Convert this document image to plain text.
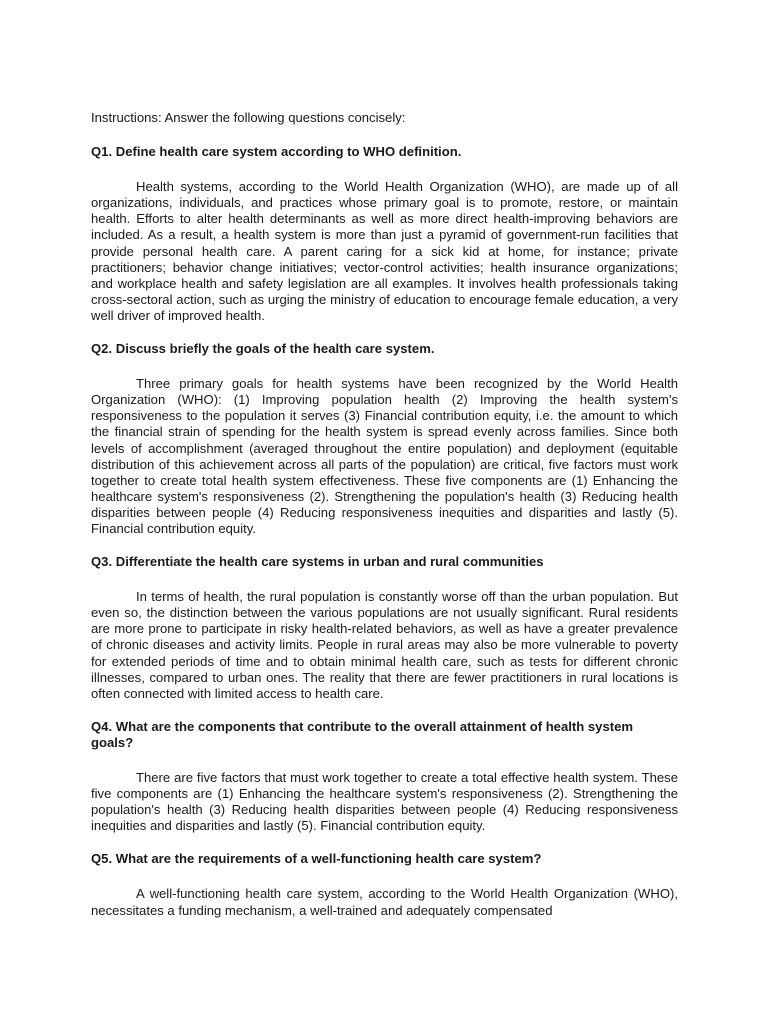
Instructions: Answer the following questions concisely:

Q1. Define health care system according to WHO definition.

Health systems, according to the World Health Organization (WHO), are made up of all organizations, individuals, and practices whose primary goal is to promote, restore, or maintain health. Efforts to alter health determinants as well as more direct health-improving behaviors are included. As a result, a health system is more than just a pyramid of government-run facilities that provide personal health care. A parent caring for a sick kid at home, for instance; private practitioners; behavior change initiatives; vector-control activities; health insurance organizations; and workplace health and safety legislation are all examples. It involves health professionals taking cross-sectoral action, such as urging the ministry of education to encourage female education, a very well driver of improved health.

Q2. Discuss briefly the goals of the health care system.

Three primary goals for health systems have been recognized by the World Health Organization (WHO): (1) Improving population health (2) Improving the health system's responsiveness to the population it serves (3) Financial contribution equity, i.e. the amount to which the financial strain of spending for the health system is spread evenly across families. Since both levels of accomplishment (averaged throughout the entire population) and deployment (equitable distribution of this achievement across all parts of the population) are critical, five factors must work together to create total health system effectiveness. These five components are (1) Enhancing the healthcare system's responsiveness (2). Strengthening the population's health (3) Reducing health disparities between people (4) Reducing responsiveness inequities and disparities and lastly (5). Financial contribution equity.

Q3. Differentiate the health care systems in urban and rural communities

In terms of health, the rural population is constantly worse off than the urban population. But even so, the distinction between the various populations are not usually significant. Rural residents are more prone to participate in risky health-related behaviors, as well as have a greater prevalence of chronic diseases and activity limits. People in rural areas may also be more vulnerable to poverty for extended periods of time and to obtain minimal health care, such as tests for different chronic illnesses, compared to urban ones. The reality that there are fewer practitioners in rural locations is often connected with limited access to health care.

Q4. What are the components that contribute to the overall attainment of health system goals?

There are five factors that must work together to create a total effective health system. These five components are (1) Enhancing the healthcare system's responsiveness (2). Strengthening the population's health (3) Reducing health disparities between people (4) Reducing responsiveness inequities and disparities and lastly (5). Financial contribution equity.

Q5. What are the requirements of a well-functioning health care system?

A well-functioning health care system, according to the World Health Organization (WHO), necessitates a funding mechanism, a well-trained and adequately compensated
